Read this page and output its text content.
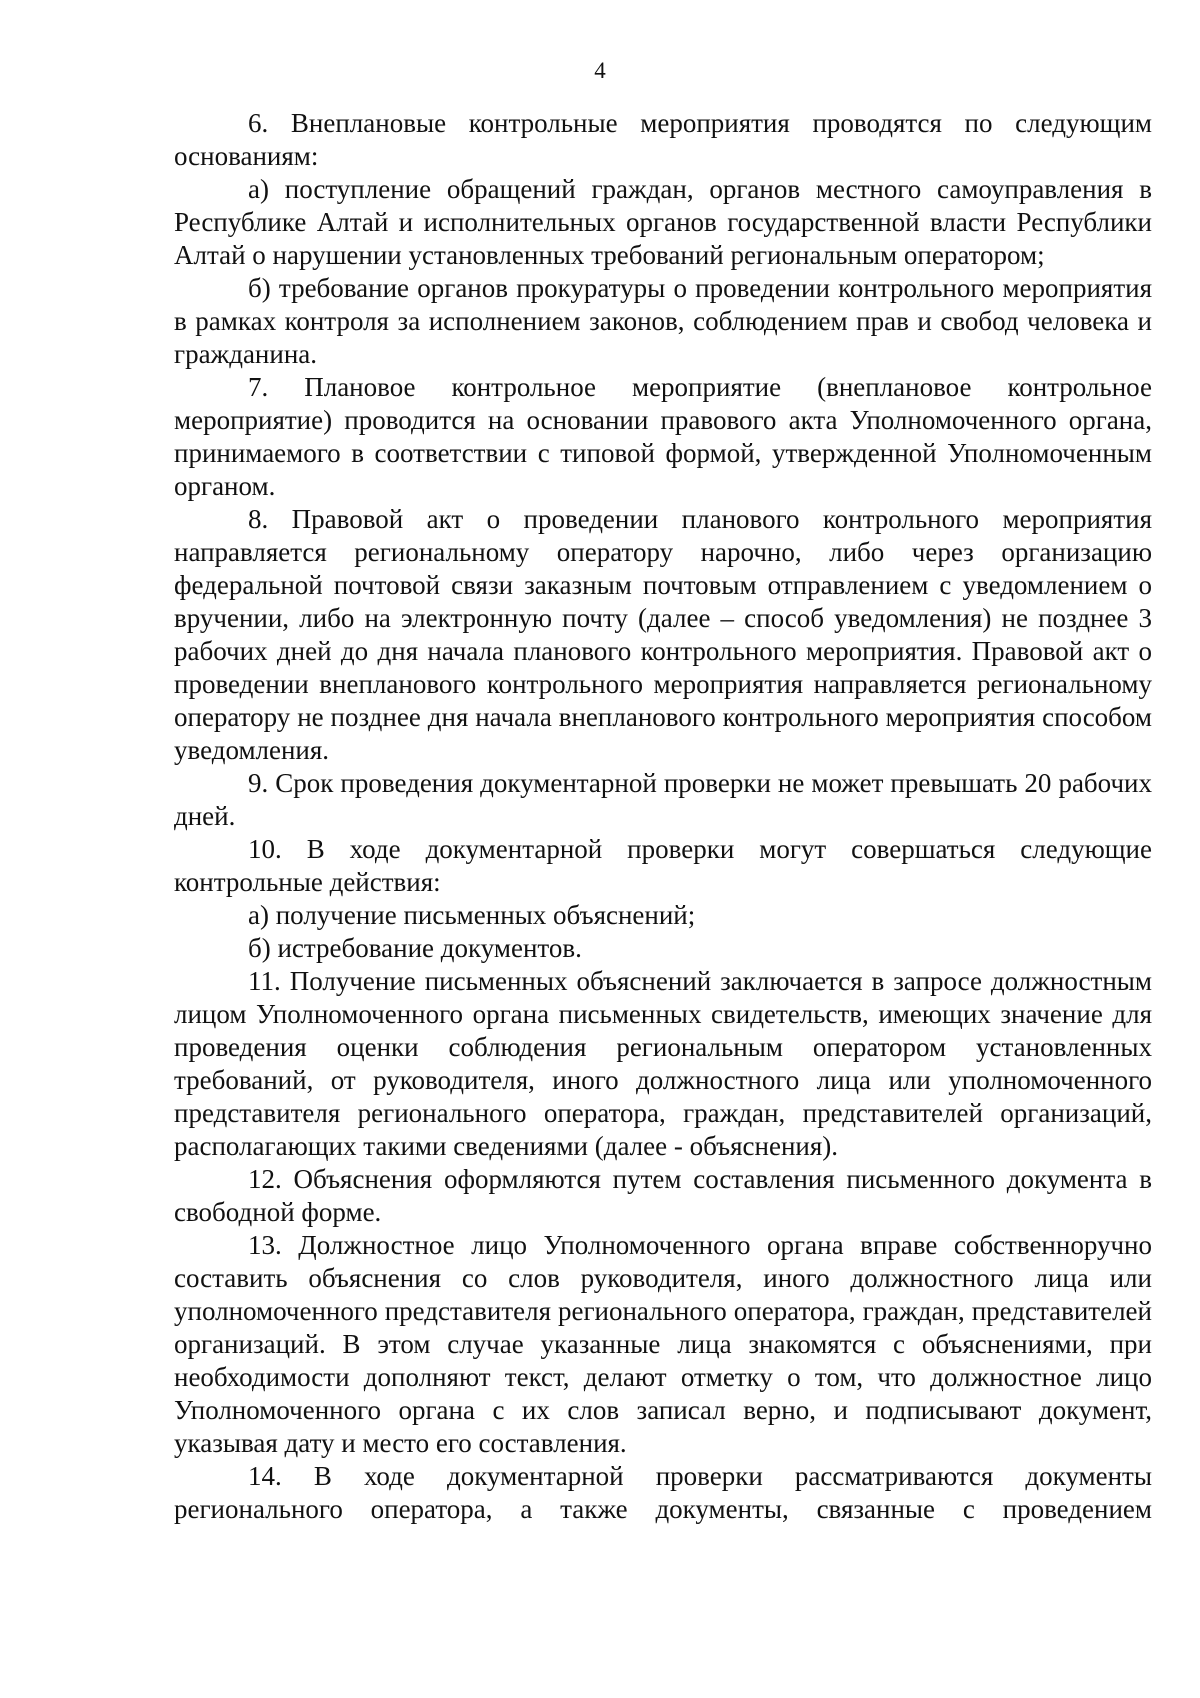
4

6. Внеплановые контрольные мероприятия проводятся по следующим основаниям:

а) поступление обращений граждан, органов местного самоуправления в Республике Алтай и исполнительных органов государственной власти Республики Алтай о нарушении установленных требований региональным оператором;

б) требование органов прокуратуры о проведении контрольного мероприятия в рамках контроля за исполнением законов, соблюдением прав и свобод человека и гражданина.

7. Плановое контрольное мероприятие (внеплановое контрольное мероприятие) проводится на основании правового акта Уполномоченного органа, принимаемого в соответствии с типовой формой, утвержденной Уполномоченным органом.

8. Правовой акт о проведении планового контрольного мероприятия направляется региональному оператору нарочно, либо через организацию федеральной почтовой связи заказным почтовым отправлением с уведомлением о вручении, либо на электронную почту (далее – способ уведомления) не позднее 3 рабочих дней до дня начала планового контрольного мероприятия. Правовой акт о проведении внепланового контрольного мероприятия направляется региональному оператору не позднее дня начала внепланового контрольного мероприятия способом уведомления.

9. Срок проведения документарной проверки не может превышать 20 рабочих дней.

10. В ходе документарной проверки могут совершаться следующие контрольные действия:

а) получение письменных объяснений;

б) истребование документов.

11. Получение письменных объяснений заключается в запросе должностным лицом Уполномоченного органа письменных свидетельств, имеющих значение для проведения оценки соблюдения региональным оператором установленных требований, от руководителя, иного должностного лица или уполномоченного представителя регионального оператора, граждан, представителей организаций, располагающих такими сведениями (далее - объяснения).

12. Объяснения оформляются путем составления письменного документа в свободной форме.

13. Должностное лицо Уполномоченного органа вправе собственноручно составить объяснения со слов руководителя, иного должностного лица или уполномоченного представителя регионального оператора, граждан, представителей организаций. В этом случае указанные лица знакомятся с объяснениями, при необходимости дополняют текст, делают отметку о том, что должностное лицо Уполномоченного органа с их слов записал верно, и подписывают документ, указывая дату и место его составления.

14. В ходе документарной проверки рассматриваются документы регионального оператора, а также документы, связанные с проведением
